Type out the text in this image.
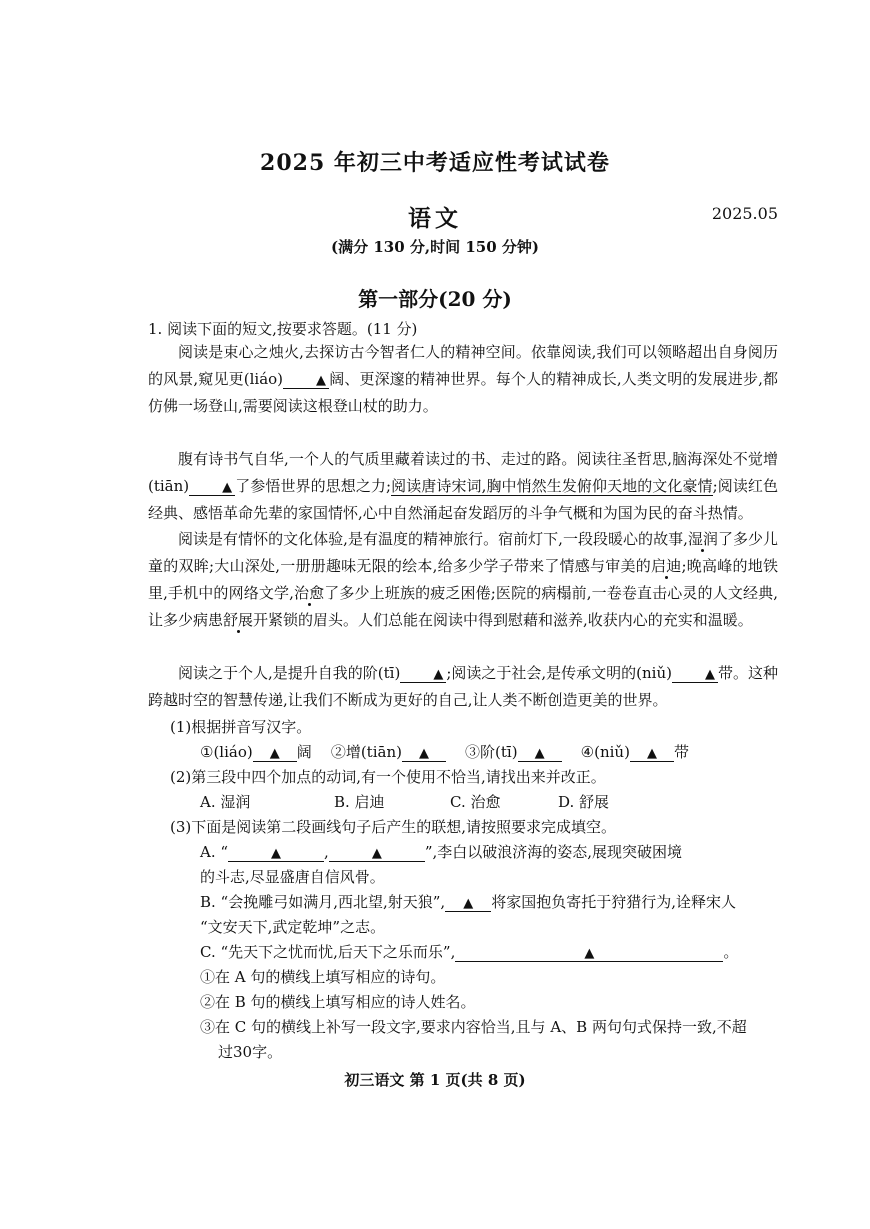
2025 年初三中考适应性考试试卷
语文	2025.05
(满分 130 分,时间 150 分钟)
第一部分(20 分)
1. 阅读下面的短文,按要求答题。(11 分)
阅读是束心之烛火,去探访古今智者仁人的精神空间。依靠阅读,我们可以领略超出自身阅历的风景,窥见更(liáo)	▲ 阔、更深邃的精神世界。每个人的精神成长,人类文明的发展进步,都仿佛一场登山,需要阅读这根登山杖的助力。
腹有诗书气自华,一个人的气质里藏着读过的书、走过的路。阅读往圣哲思,脑海深处不觉增(tiān)	▲ 了参悟世界的思想之力;阅读唐诗宋词,胸中悄然生发俯仰天地的文化豪情;阅读红色经典、感悟革命先辈的家国情怀,心中自然涌起奋发蹈厉的斗争气概和为国为民的奋斗热情。
阅读是有情怀的文化体验,是有温度的精神旅行。宿前灯下,一段段暖心的故事,湿润了多少儿童的双眸;大山深处,一册册趣味无限的绘本,给多少学子带来了情感与审美的启迪;晚高峰的地铁里,手机中的网络文学,治愈了多少上班族的疲乏困倦;医院的病榻前,一卷卷直击心灵的人文经典,让多少病患舒展开紧锁的眉头。人们总能在阅读中得到慰藉和滋养,收获内心的充实和温暖。
阅读之于个人,是提升自我的阶(tī)	▲ ;阅读之于社会,是传承文明的(niǔ)	▲ 带。这种跨越时空的智慧传递,让我们不断成为更好的自己,让人类不断创造更美的世界。
(1)根据拼音写汉字。
①(liáo) ▲ 阔 ②增(tiān) ▲ ③阶(tī) ▲ ④(niǔ) ▲ 带
(2)第三段中四个加点的动词,有一个使用不恰当,请找出来并改正。
A. 湿润	B. 启迪	C. 治愈	D. 舒展
(3)下面是阅读第二段画线句子后产生的联想,请按照要求完成填空。
A. “	▲	,	▲	”,李白以破浪济海的姿态,展现突破困境
的斗志,尽显盛唐自信风骨。
B. “会挽雕弓如满月,西北望,射天狼”, ▲ 将家国抱负寄托于狩猎行为,诠释宋人
“文安天下,武定乾坤”之志。
C. “先天下之忧而忧,后天下之乐而乐”,	▲	。
①在 A 句的横线上填写相应的诗句。
②在 B 句的横线上填写相应的诗人姓名。
③在 C 句的横线上补写一段文字,要求内容恰当,且与 A、B 两句句式保持一致,不超
过30字。
初三语文 第 1 页(共 8 页)
